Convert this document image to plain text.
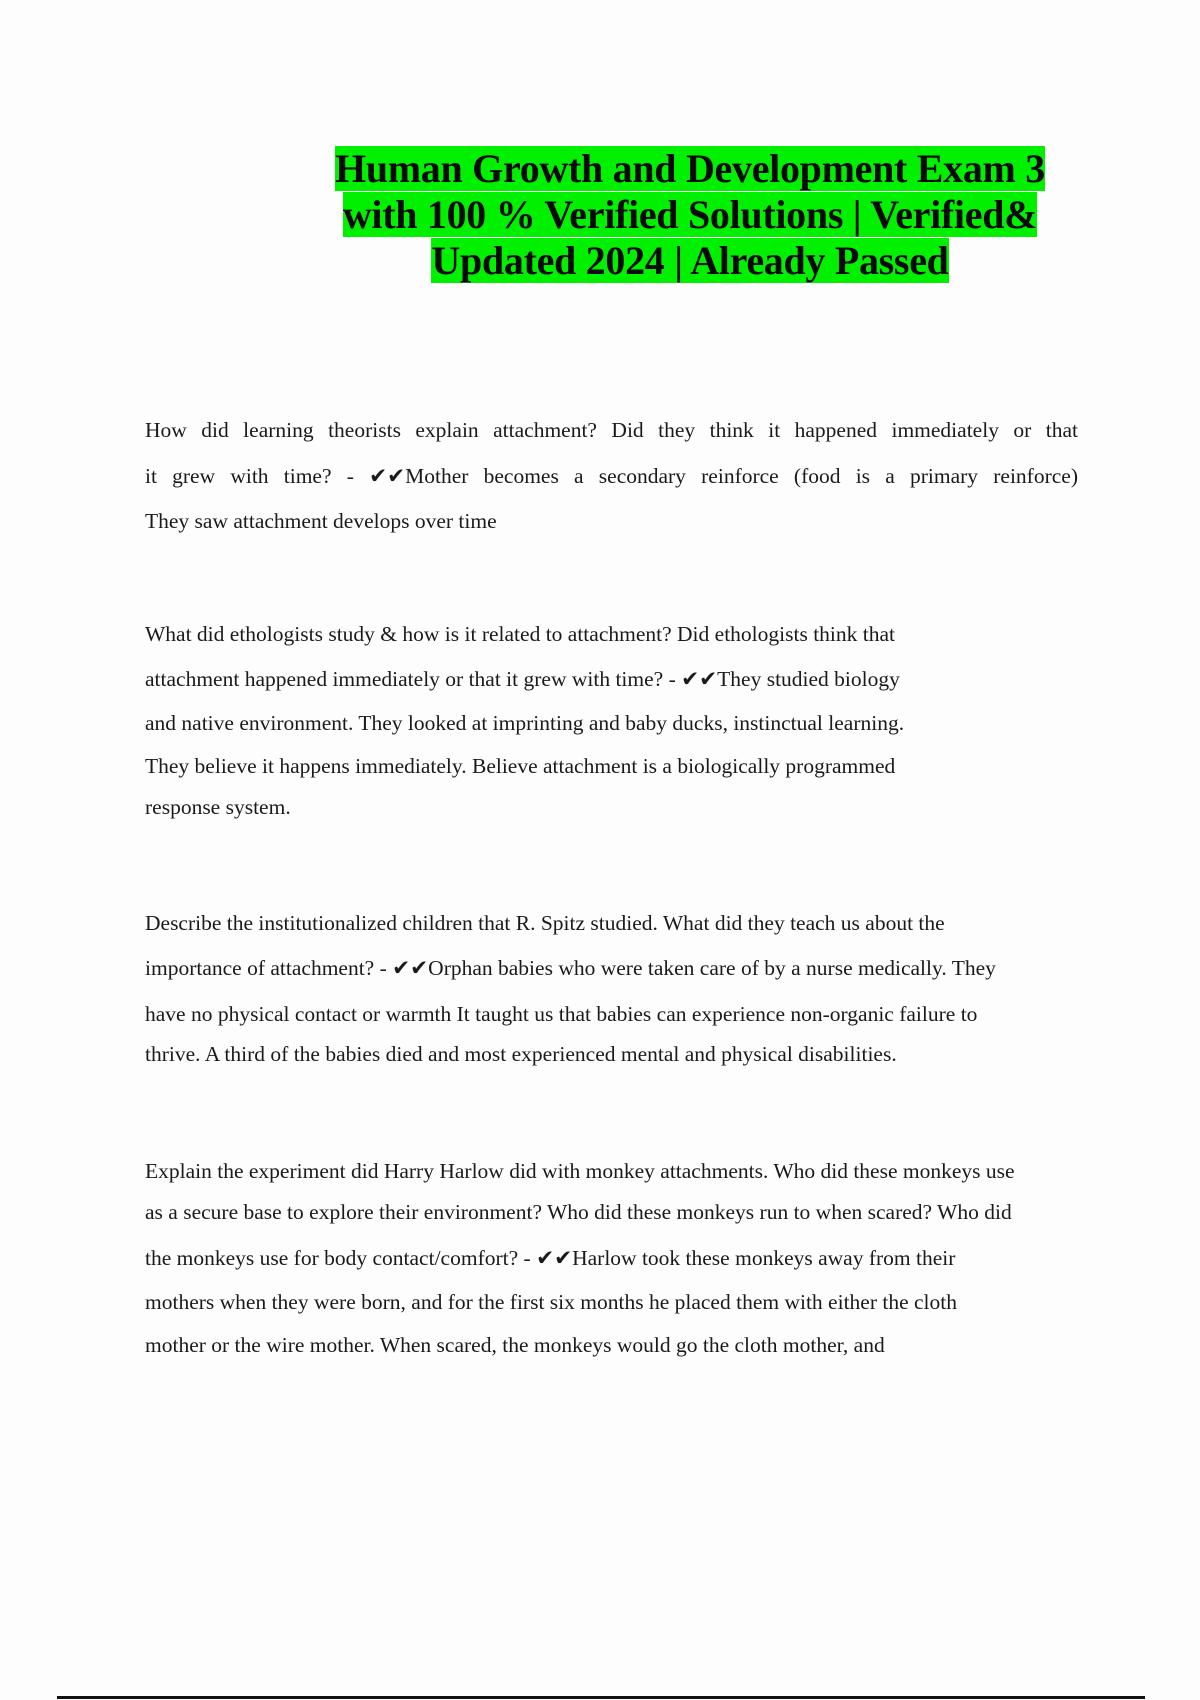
Human Growth and Development Exam 3
with 100 % Verified Solutions | Verified&
Updated 2024 | Already Passed
How did learning theorists explain attachment? Did they think it happened immediately or that
it grew with time? - ✔✔Mother becomes a secondary reinforce (food is a primary reinforce)
They saw attachment develops over time
What did ethologists study & how is it related to attachment? Did ethologists think that
attachment happened immediately or that it grew with time? - ✔✔They studied biology
and native environment. They looked at imprinting and baby ducks, instinctual learning.
They believe it happens immediately. Believe attachment is a biologically programmed
response system.
Describe the institutionalized children that R. Spitz studied. What did they teach us about the
importance of attachment? - ✔✔Orphan babies who were taken care of by a nurse medically. They
have no physical contact or warmth It taught us that babies can experience non-organic failure to
thrive. A third of the babies died and most experienced mental and physical disabilities.
Explain the experiment did Harry Harlow did with monkey attachments. Who did these monkeys use
as a secure base to explore their environment? Who did these monkeys run to when scared? Who did
the monkeys use for body contact/comfort? - ✔✔Harlow took these monkeys away from their
mothers when they were born, and for the first six months he placed them with either the cloth
mother or the wire mother. When scared, the monkeys would go the cloth mother, and
